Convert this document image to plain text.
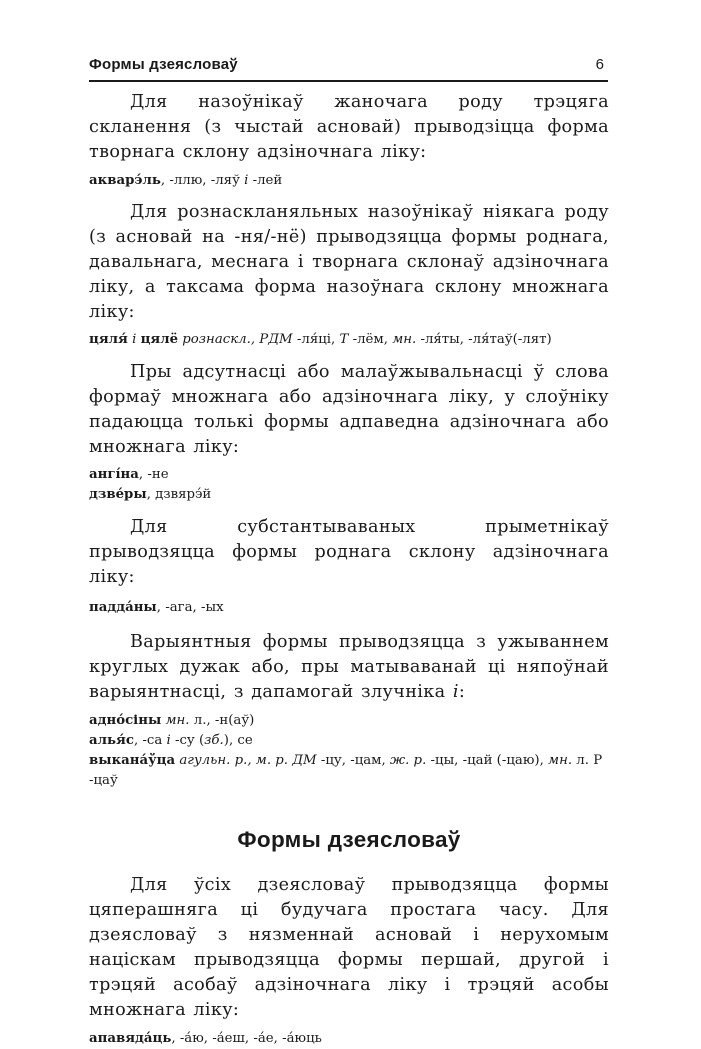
Формы дзеясловаў	6

Для назоўнікаў жаночага роду трэцяга скланення (з чыстай асновай) прыводзіцца форма творнага склону адзіночнага ліку:

акварэ́ль, -ллю, -ляў і -лей

Для рознаскланяльных назоўнікаў ніякага роду (з асновай на -ня/-нё) прыводзяцца формы роднага, давальнага, меснага і творнага склонаў адзіночнага ліку, а таксама форма назоўнага склону множнага ліку:

цяля́ і цялё рознаскл., РДМ -ля́ці, Т -лём, мн. -ля́ты, -ля́таў(-лят)

Пры адсутнасці або малаўжывальнасці ў слова формаў множнага або адзіночнага ліку, у слоўніку падаюцца толькі формы адпаведна адзіночнага або множнага ліку:

ангі́на, -не

дзве́ры, дзвярэ́й

Для субстантываваных прыметнікаў прыводзяцца формы роднага склону адзіночнага ліку:

падда́ны, -ага, -ых

Варыянтныя формы прыводзяцца з ужываннем круглых дужак або, пры матываванай ці няпоўнай варыянтнасці, з дапамогай злучніка і:

адно́сіны мн. л., -н(аў)

алья́с, -са і -су (зб.), се

выкана́ўца агульн. р., м. р. ДМ -цу, -цам, ж. р. -цы, -цай (-цаю), мн. л. Р -цаў

Формы дзеясловаў

Для ўсіх дзеясловаў прыводзяцца формы цяперашняга ці будучага простага часу. Для дзеясловаў з нязменнай асновай і нерухомым націскам прыводзяцца формы першай, другой і трэцяй асобаў адзіночнага ліку і трэцяй асобы множнага ліку:

апавяда́ць, -а́ю, -а́еш, -а́е, -а́юць
